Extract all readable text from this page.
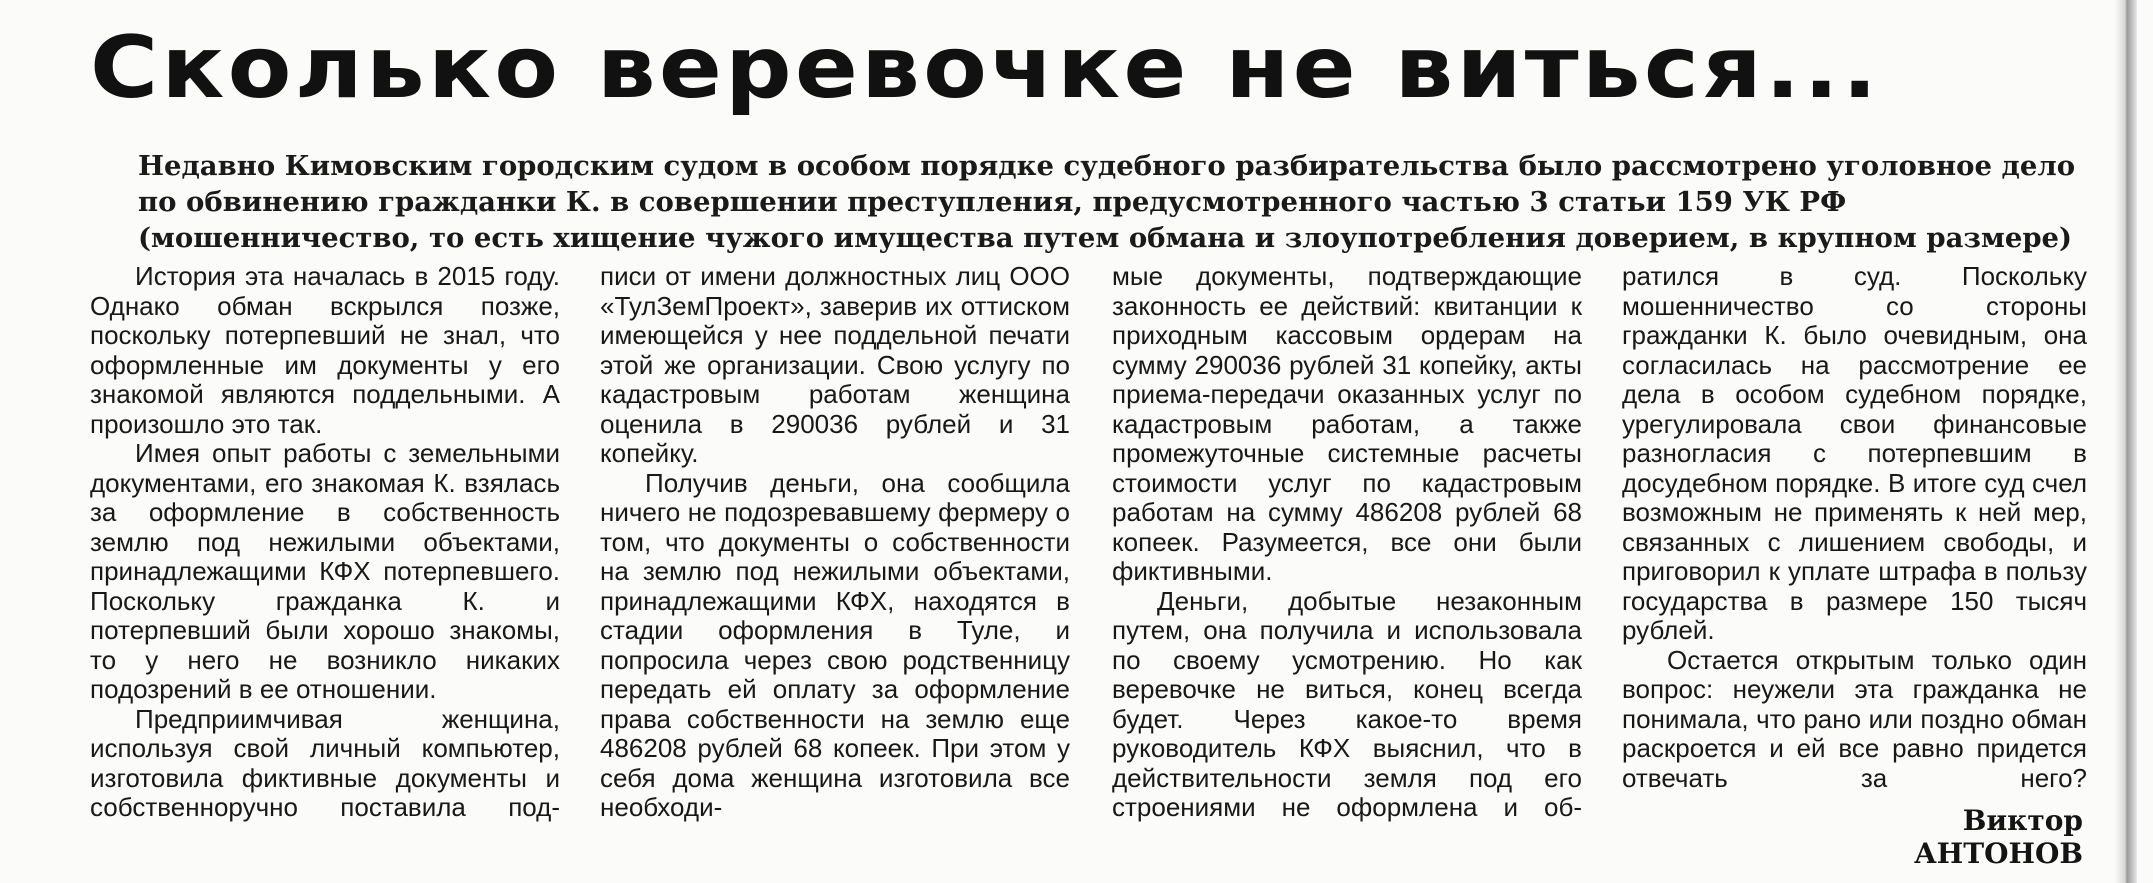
Сколько веревочке не виться...

Недавно Кимовским городским судом в особом порядке судебного разбирательства было рассмотрено уголовное дело

по обвинению гражданки К. в совершении преступления, предусмотренного частью 3 статьи 159 УК РФ

(мошенничество, то есть хищение чужого имущества путем обмана и злоупотребления доверием, в крупном размере)

История эта началась в 2015 году. Однако обман вскрылся позже, поскольку потерпевший не знал, что оформленные им документы у его знакомой являются поддельными. А произошло это так.

Имея опыт работы с земельными документами, его знакомая К. взялась за оформление в собственность землю под нежилыми объектами, принадлежащими КФХ потерпевшего. Поскольку гражданка К. и потерпевший были хорошо знакомы, то у него не возникло никаких подозрений в ее отношении.

Предприимчивая женщина, используя свой личный компьютер, изготовила фиктивные документы и собственноручно поставила под-

писи от имени должностных лиц ООО «ТулЗемПроект», заверив их оттиском имеющейся у нее поддельной печати этой же организации. Свою услугу по кадастровым работам женщина оценила в 290036 рублей и 31 копейку.

Получив деньги, она сообщила ничего не подозревавшему фермеру о том, что документы о собственности на землю под нежилыми объектами, принадлежащими КФХ, находятся в стадии оформления в Туле, и попросила через свою родственницу передать ей оплату за оформление права собственности на землю еще 486208 рублей 68 копеек. При этом у себя дома женщина изготовила все необходи-

мые документы, подтверждающие законность ее действий: квитанции к приходным кассовым ордерам на сумму 290036 рублей 31 копейку, акты приема-передачи оказанных услуг по кадастровым работам, а также промежуточные системные расчеты стоимости услуг по кадастровым работам на сумму 486208 рублей 68 копеек. Разумеется, все они были фиктивными.

Деньги, добытые незаконным путем, она получила и использовала по своему усмотрению. Но как веревочке не виться, конец всегда будет. Через какое-то время руководитель КФХ выяснил, что в действительности земля под его строениями не оформлена и об-

ратился в суд. Поскольку мошенничество со стороны гражданки К. было очевидным, она согласилась на рассмотрение ее дела в особом судебном порядке, урегулировала свои финансовые разногласия с потерпевшим в досудебном порядке. В итоге суд счел возможным не применять к ней мер, связанных с лишением свободы, и приговорил к уплате штрафа в пользу государства в размере 150 тысяч рублей.

Остается открытым только один вопрос: неужели эта гражданка не понимала, что рано или поздно обман раскроется и ей все равно придется отвечать за него?

Виктор АНТОНОВ
